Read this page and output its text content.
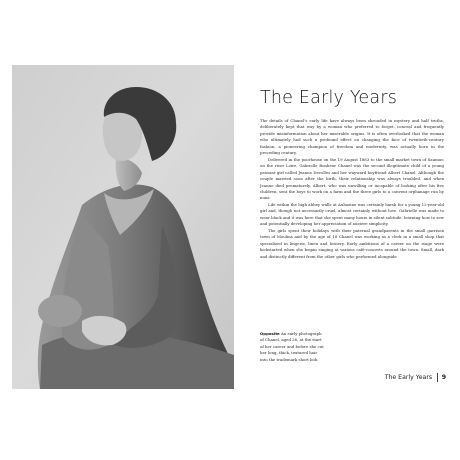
The Early Years

The details of Chanel’s early life have always been shrouded in mystery and half truths, deliberately kept that way by a woman who preferred to forget, conceal and frequently provide misinformation about her miserable origins. It is often overlooked that the woman who ultimately had such a profound effect on changing the face of twentieth-century fashion, a pioneering champion of freedom and modernity, was actually born in the preceding century.

Delivered in the poorhouse on the 19 August 1883 to the small market town of Saumur, on the river Loire, Gabrielle Bonheur Chanel was the second illegitimate child of a young peasant girl called Jeanne Devolles and her wayward boyfriend Albert Chanel. Although the couple married soon after the birth, their relationship was always troubled, and when Jeanne died prematurely, Albert, who was unwilling or incapable of looking after his five children, sent the boys to work on a farm and the three girls to a convent orphanage run by nuns.

Life within the high abbey walls at Aubazine was certainly harsh for a young 12-year-old girl and, though not necessarily cruel, almost certainly without love. Gabrielle was made to wear black and it was here that she spent many hours in silent solitude, learning how to sew and potentially developing her appreciation of austere simplicity.

The girls spent their holidays with their paternal grandparents in the small garrison town of Moulins and by the age of 18 Chanel was working as a clerk in a small shop that specialized in lingerie, linen and hosiery. Early ambitions of a career on the stage were kickstarted when she began singing at various café-concerts around the town. Small, dark and distinctly different from the other girls who performed alongside

Opposite An early photograph of Chanel, aged 26, at the start of her career and before she cut her long, thick, textured hair into the trademark short bob.
The Early Years 9
